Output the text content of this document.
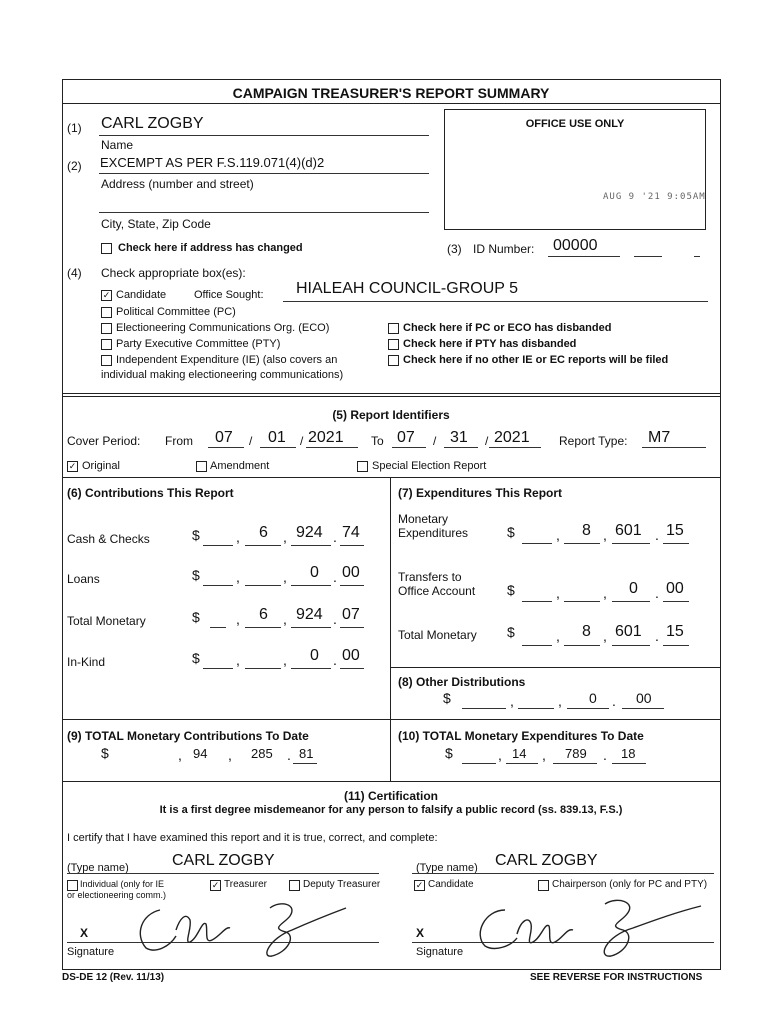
CAMPAIGN TREASURER'S REPORT SUMMARY
(1) CARL ZOGBY
Name
(2) EXCEMPT AS PER F.S.119.071(4)(d)2
Address (number and street)
City, State, Zip Code
Check here if address has changed
OFFICE USE ONLY
AUG 9 '21 9:05AM
(3) ID Number: 00000
(4) Check appropriate box(es):
✓ Candidate	Office Sought: HIALEAH COUNCIL-GROUP 5
Political Committee (PC)
Electioneering Communications Org. (ECO)
Party Executive Committee (PTY)
Independent Expenditure (IE) (also covers an
individual making electioneering communications)
Check here if PC or ECO has disbanded
Check here if PTY has disbanded
Check here if no other IE or EC reports will be filed
(5) Report Identifiers
Cover Period: From 07 / 01 / 2021 To 07 / 31 / 2021 Report Type: M7
✓ Original	Amendment	Special Election Report
(6) Contributions This Report
Cash & Checks	$	, 6 , 924 . 74
Loans	$	,	, 0 . 00
Total Monetary	$	, 6 , 924 . 07
In-Kind	$	,	, 0 . 00
(7) Expenditures This Report
Monetary
Expenditures	$	, 8 , 601 . 15
Transfers to
Office Account $	,	, 0 . 00
Total Monetary $	, 8 , 601 . 15
(8) Other Distributions
$	,	, 0 . 00
(9) TOTAL Monetary Contributions To Date
$	, 94 , 285 . 81
(10) TOTAL Monetary Expenditures To Date
$	, 14 , 789 . 18
(11) Certification
It is a first degree misdemeanor for any person to falsify a public record (ss. 839.13, F.S.)
I certify that I have examined this report and it is true, correct, and complete:
(Type name)	CARL ZOGBY
Individual (only for IE
or electioneering comm.)
✓ Treasurer	Deputy Treasurer
X
Signature
(Type name) CARL ZOGBY
✓ Candidate	Chairperson (only for PC and PTY)
X
Signature
DS-DE 12 (Rev. 11/13)	SEE REVERSE FOR INSTRUCTIONS
